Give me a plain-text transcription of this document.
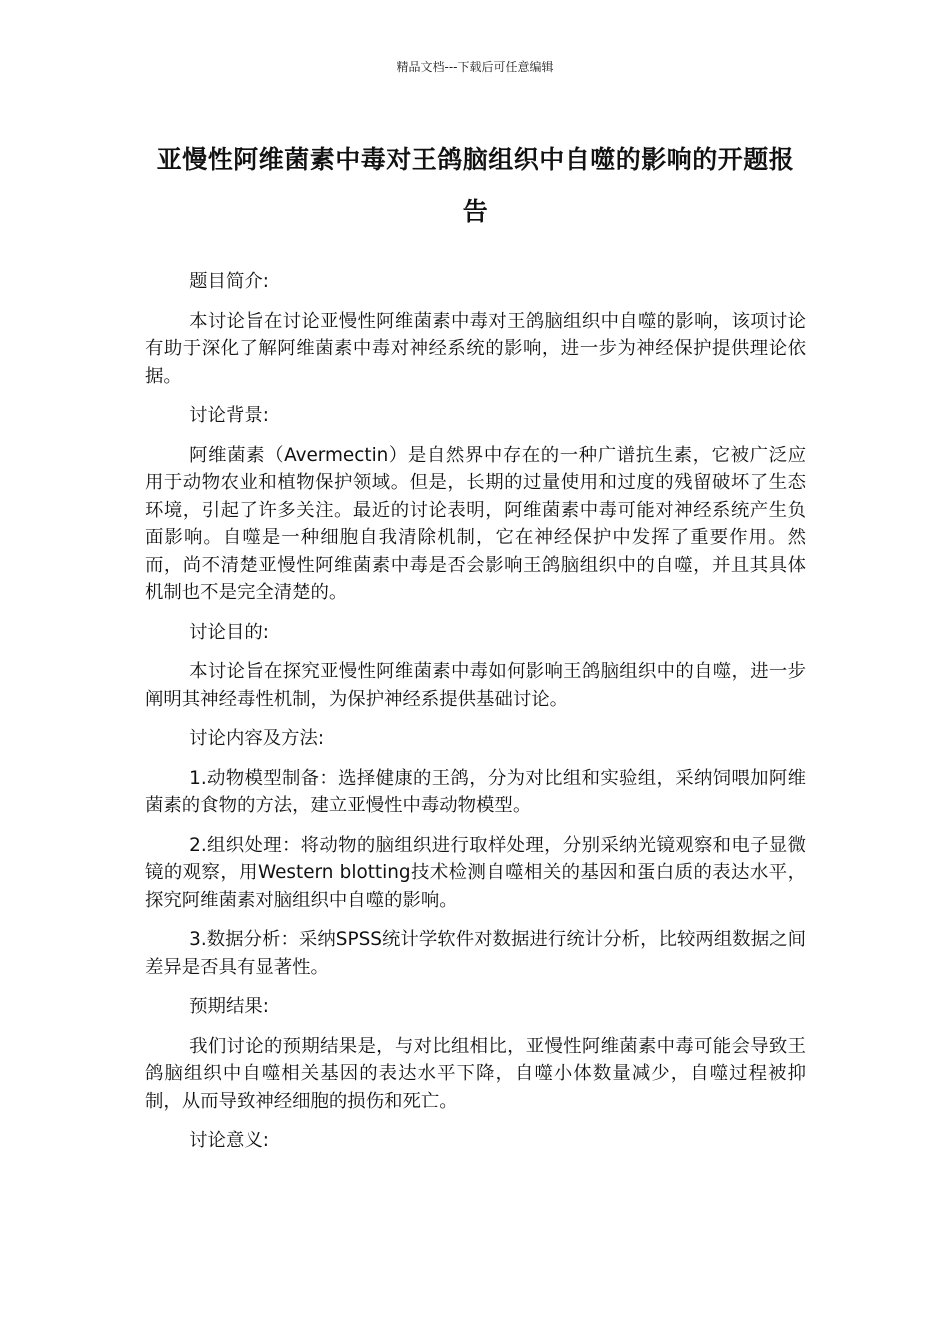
精品文档---下载后可任意编辑
亚慢性阿维菌素中毒对王鸽脑组织中自噬的影响的开题报告

题目简介:

本讨论旨在讨论亚慢性阿维菌素中毒对王鸽脑组织中自噬的影响，该项讨论有助于深化了解阿维菌素中毒对神经系统的影响，进一步为神经保护提供理论依据。

讨论背景:

阿维菌素（Avermectin）是自然界中存在的一种广谱抗生素，它被广泛应用于动物农业和植物保护领域。但是，长期的过量使用和过度的残留破坏了生态环境，引起了许多关注。最近的讨论表明，阿维菌素中毒可能对神经系统产生负面影响。自噬是一种细胞自我清除机制，它在神经保护中发挥了重要作用。然而，尚不清楚亚慢性阿维菌素中毒是否会影响王鸽脑组织中的自噬，并且其具体机制也不是完全清楚的。

讨论目的:

本讨论旨在探究亚慢性阿维菌素中毒如何影响王鸽脑组织中的自噬，进一步阐明其神经毒性机制，为保护神经系提供基础讨论。

讨论内容及方法:

1.动物模型制备：选择健康的王鸽，分为对比组和实验组，采纳饲喂加阿维菌素的食物的方法，建立亚慢性中毒动物模型。

2.组织处理：将动物的脑组织进行取样处理，分别采纳光镜观察和电子显微镜的观察，用Western blotting技术检测自噬相关的基因和蛋白质的表达水平，探究阿维菌素对脑组织中自噬的影响。

3.数据分析：采纳SPSS统计学软件对数据进行统计分析，比较两组数据之间差异是否具有显著性。

预期结果:

我们讨论的预期结果是，与对比组相比，亚慢性阿维菌素中毒可能会导致王鸽脑组织中自噬相关基因的表达水平下降，自噬小体数量减少，自噬过程被抑制，从而导致神经细胞的损伤和死亡。

讨论意义:
